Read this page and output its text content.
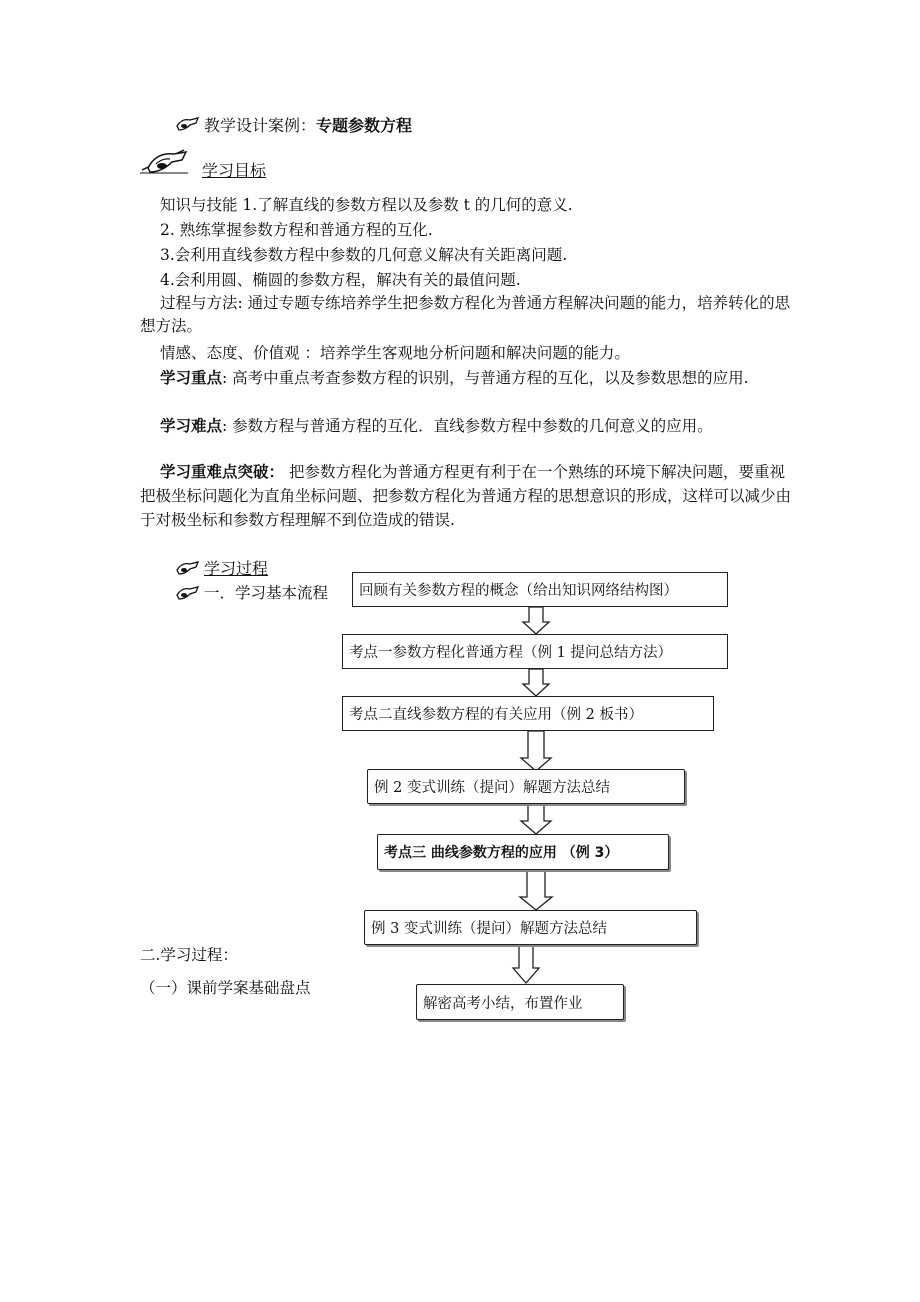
教学设计案例：专题参数方程
学习目标
知识与技能 1.了解直线的参数方程以及参数 t 的几何的意义.
2. 熟练掌握参数方程和普通方程的互化.
3.会利用直线参数方程中参数的几何意义解决有关距离问题.
4.会利用圆、椭圆的参数方程，解决有关的最值问题.
过程与方法: 通过专题专练培养学生把参数方程化为普通方程解决问题的能力，培养转化的思想方法。
情感、态度、价值观 ：培养学生客观地分析问题和解决问题的能力。
学习重点: 高考中重点考查参数方程的识别，与普通方程的互化，以及参数思想的应用.
学习难点: 参数方程与普通方程的互化．直线参数方程中参数的几何意义的应用。
学习重难点突破： 把参数方程化为普通方程更有利于在一个熟练的环境下解决问题，要重视把极坐标问题化为直角坐标问题、把参数方程化为普通方程的思想意识的形成，这样可以减少由于对极坐标和参数方程理解不到位造成的错误.
学习过程
一．学习基本流程	回顾有关参数方程的概念（给出知识网络结构图）
考点一参数方程化普通方程（例 1 提问总结方法）
考点二直线参数方程的有关应用（例 2 板书）
例 2 变式训练（提问）解题方法总结
考点三 曲线参数方程的应用 （例 3）
例 3 变式训练（提问）解题方法总结
解密高考小结，布置作业
二.学习过程：
（一）课前学案基础盘点
